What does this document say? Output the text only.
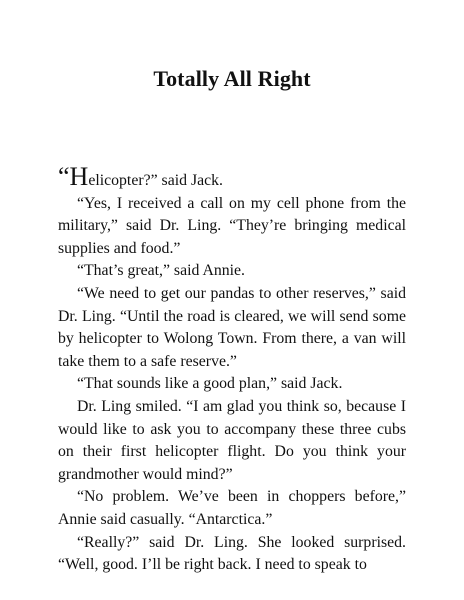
Totally All Right

“Helicopter?” said Jack.

“Yes, I received a call on my cell phone from the military,” said Dr. Ling. “They’re bringing medical supplies and food.”

“That’s great,” said Annie.

“We need to get our pandas to other reserves,” said Dr. Ling. “Until the road is cleared, we will send some by helicopter to Wolong Town. From there, a van will take them to a safe reserve.”

“That sounds like a good plan,” said Jack.

Dr. Ling smiled. “I am glad you think so, because I would like to ask you to accompany these three cubs on their first helicopter flight. Do you think your grandmother would mind?”

“No problem. We’ve been in choppers before,” Annie said casually. “Antarctica.”

“Really?” said Dr. Ling. She looked surprised. “Well, good. I’ll be right back. I need to speak to
